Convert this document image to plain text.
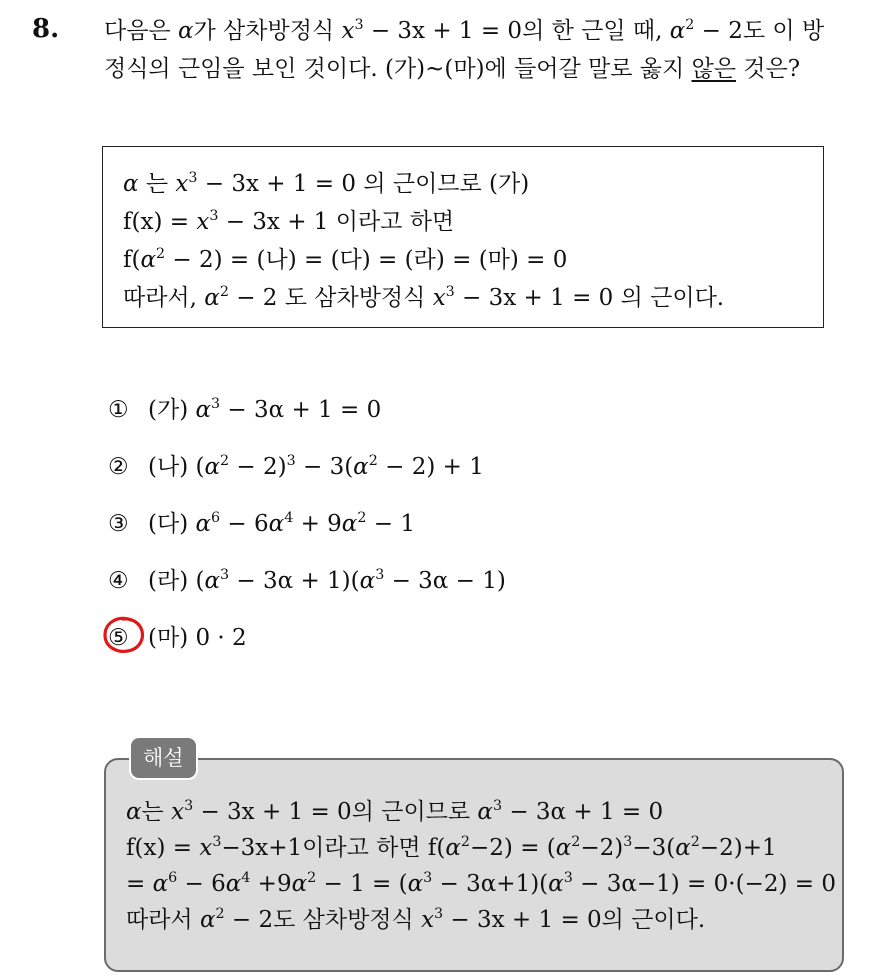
8. 다음은 α가 삼차방정식 $x^3 - 3x + 1 = 0$의 한 근일 때, $\alpha^2 - 2$도 이 방
정식의 근임을 보인 것이다. (가)~(마)에 들어갈 말로 옳지 않은 것은?
α 는 $x^3 - 3x + 1 = 0$ 의 근이므로 (가)
$f(x) = x^3 - 3x + 1$ 이라고 하면
$f(\alpha^2 - 2)$ = (나) = (다) = (라) = (마) = 0
따라서, $\alpha^2 - 2$ 도 삼차방정식 $x^3 - 3x + 1 = 0$ 의 근이다.
① (가) $\alpha^3 - 3\alpha + 1 = 0$
② (나) $(\alpha^2 - 2)^3 - 3(\alpha^2 - 2) + 1$
③ (다) $\alpha^6 - 6\alpha^4 + 9\alpha^2 - 1$
④ (라) $(\alpha^3 - 3\alpha + 1)(\alpha^3 - 3\alpha - 1)$
⑤ (마) 0 · 2
α는 $x^3 - 3x + 1 = 0$의 근이므로 $\alpha^3 - 3\alpha + 1 = 0$
$f(x) = x^3-3x+1$이라고 하면 $f(\alpha^2-2) = (\alpha^2-2)^3-3(\alpha^2-2)+1$
= $\alpha^6 - 6\alpha^4 +9\alpha^2 - 1 = (\alpha^3 - 3\alpha+1)(\alpha^3 - 3\alpha-1) = 0\cdot(-2) = 0$
따라서 $\alpha^2 - 2$도 삼차방정식 $x^3 - 3x + 1 = 0$의 근이다.
해설
